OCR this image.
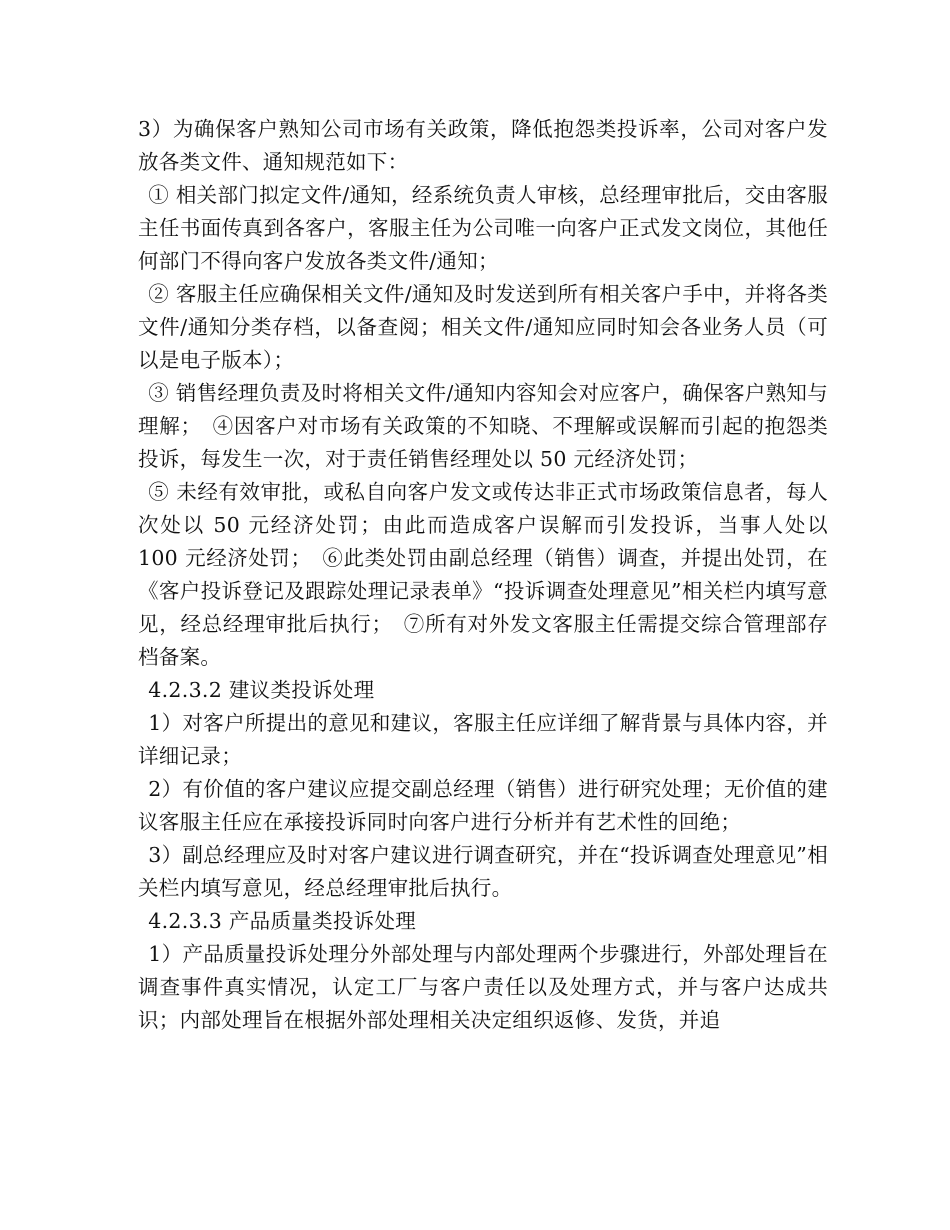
3）为确保客户熟知公司市场有关政策，降低抱怨类投诉率，公司对客户发放各类文件、通知规范如下：

① 相关部门拟定文件/通知，经系统负责人审核，总经理审批后，交由客服主任书面传真到各客户，客服主任为公司唯一向客户正式发文岗位，其他任何部门不得向客户发放各类文件/通知；

② 客服主任应确保相关文件/通知及时发送到所有相关客户手中，并将各类文件/通知分类存档，以备查阅；相关文件/通知应同时知会各业务人员（可以是电子版本）；

③ 销售经理负责及时将相关文件/通知内容知会对应客户，确保客户熟知与理解；　④因客户对市场有关政策的不知晓、不理解或误解而引起的抱怨类投诉，每发生一次，对于责任销售经理处以 50 元经济处罚；

⑤ 未经有效审批，或私自向客户发文或传达非正式市场政策信息者，每人次处以 50 元经济处罚；由此而造成客户误解而引发投诉，当事人处以 100 元经济处罚；　⑥此类处罚由副总经理（销售）调查，并提出处罚，在《客户投诉登记及跟踪处理记录表单》“投诉调查处理意见”相关栏内填写意见，经总经理审批后执行；　⑦所有对外发文客服主任需提交综合管理部存档备案。

4.2.3.2 建议类投诉处理

1）对客户所提出的意见和建议，客服主任应详细了解背景与具体内容，并详细记录；

2）有价值的客户建议应提交副总经理（销售）进行研究处理；无价值的建议客服主任应在承接投诉同时向客户进行分析并有艺术性的回绝；

3）副总经理应及时对客户建议进行调查研究，并在“投诉调查处理意见”相关栏内填写意见，经总经理审批后执行。

4.2.3.3 产品质量类投诉处理

1）产品质量投诉处理分外部处理与内部处理两个步骤进行，外部处理旨在调查事件真实情况，认定工厂与客户责任以及处理方式，并与客户达成共识；内部处理旨在根据外部处理相关决定组织返修、发货，并追
